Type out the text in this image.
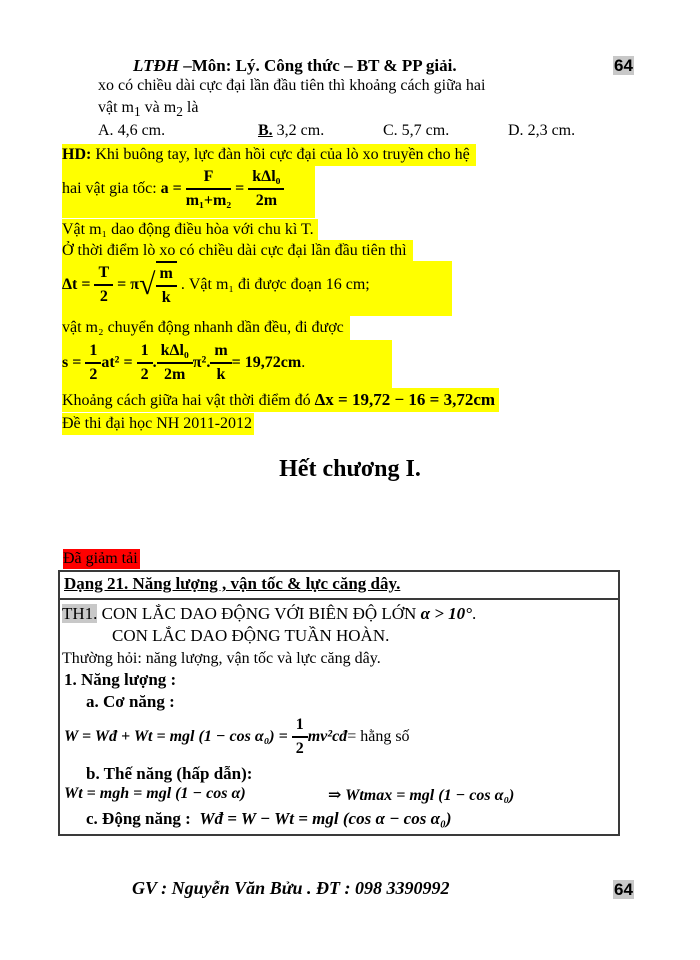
LTĐH –Môn: Lý. Công thức – BT & PP giải.	64
xo có chiều dài cực đại lần đầu tiên thì khoảng cách giữa hai
vật $m_1$ và $m_2$ là
A. 4,6 cm.	B. 3,2 cm.	C. 5,7 cm.	D. 2,3 cm.
HD: Khi buông tay, lực đàn hồi cực đại của lò xo truyền cho hệ
hai vật gia tốc: $a = \frac{F}{\text{m₁+m₂}} = \frac{\text{kΔl₀}}{2m}$
Vật m₁ dao động điều hòa với chu kì T.
Ở thời điểm lò xo có chiều dài cực đại lần đầu tiên thì
$\Delta t = \frac{T}{2} = \pi√ \frac{m}{k}$ . Vật m₁ đi được đoạn 16 cm;
vật m₂ chuyển động nhanh dần đều, đi được
$s = \frac{1}{2} at^2 = \frac{1}{2}$ . $\frac{\text{kΔl₀}}{2m} \pi^2$. $\frac{m}{k} = 19,72cm$.
Khoảng cách giữa hai vật thời điểm đó Δx = 19,72 − 16 = 3,72cm
Đề thi đại học NH 2011-2012
Hết chương I.
Đã giảm tải
Dạng 21. Năng lượng , vận tốc & lực căng dây.
TH1. CON LẮC DAO ĐỘNG VỚI BIÊN ĐỘ LỚN α > 10°.
CON LẮC DAO ĐỘNG TUẦN HOÀN.
Thường hỏi: năng lượng, vận tốc và lực căng dây.
1. Năng lượng :
a. Cơ năng :
W = Wđ + Wt = mgl $(1 - \cos \alpha_0) = \frac{1}{2}$ mv²cđ= hằng số
b. Thế năng (hấp dẫn):
Wt = mgh = mgl (1 − cos α)	⇒ Wtmax = mgl (1 − cos α₀)
c. Động năng : Wđ = W − Wt = mgl (cos α − cos α₀)
GV : Nguyễn Văn Bửu . ĐT : 098 3390992	64
